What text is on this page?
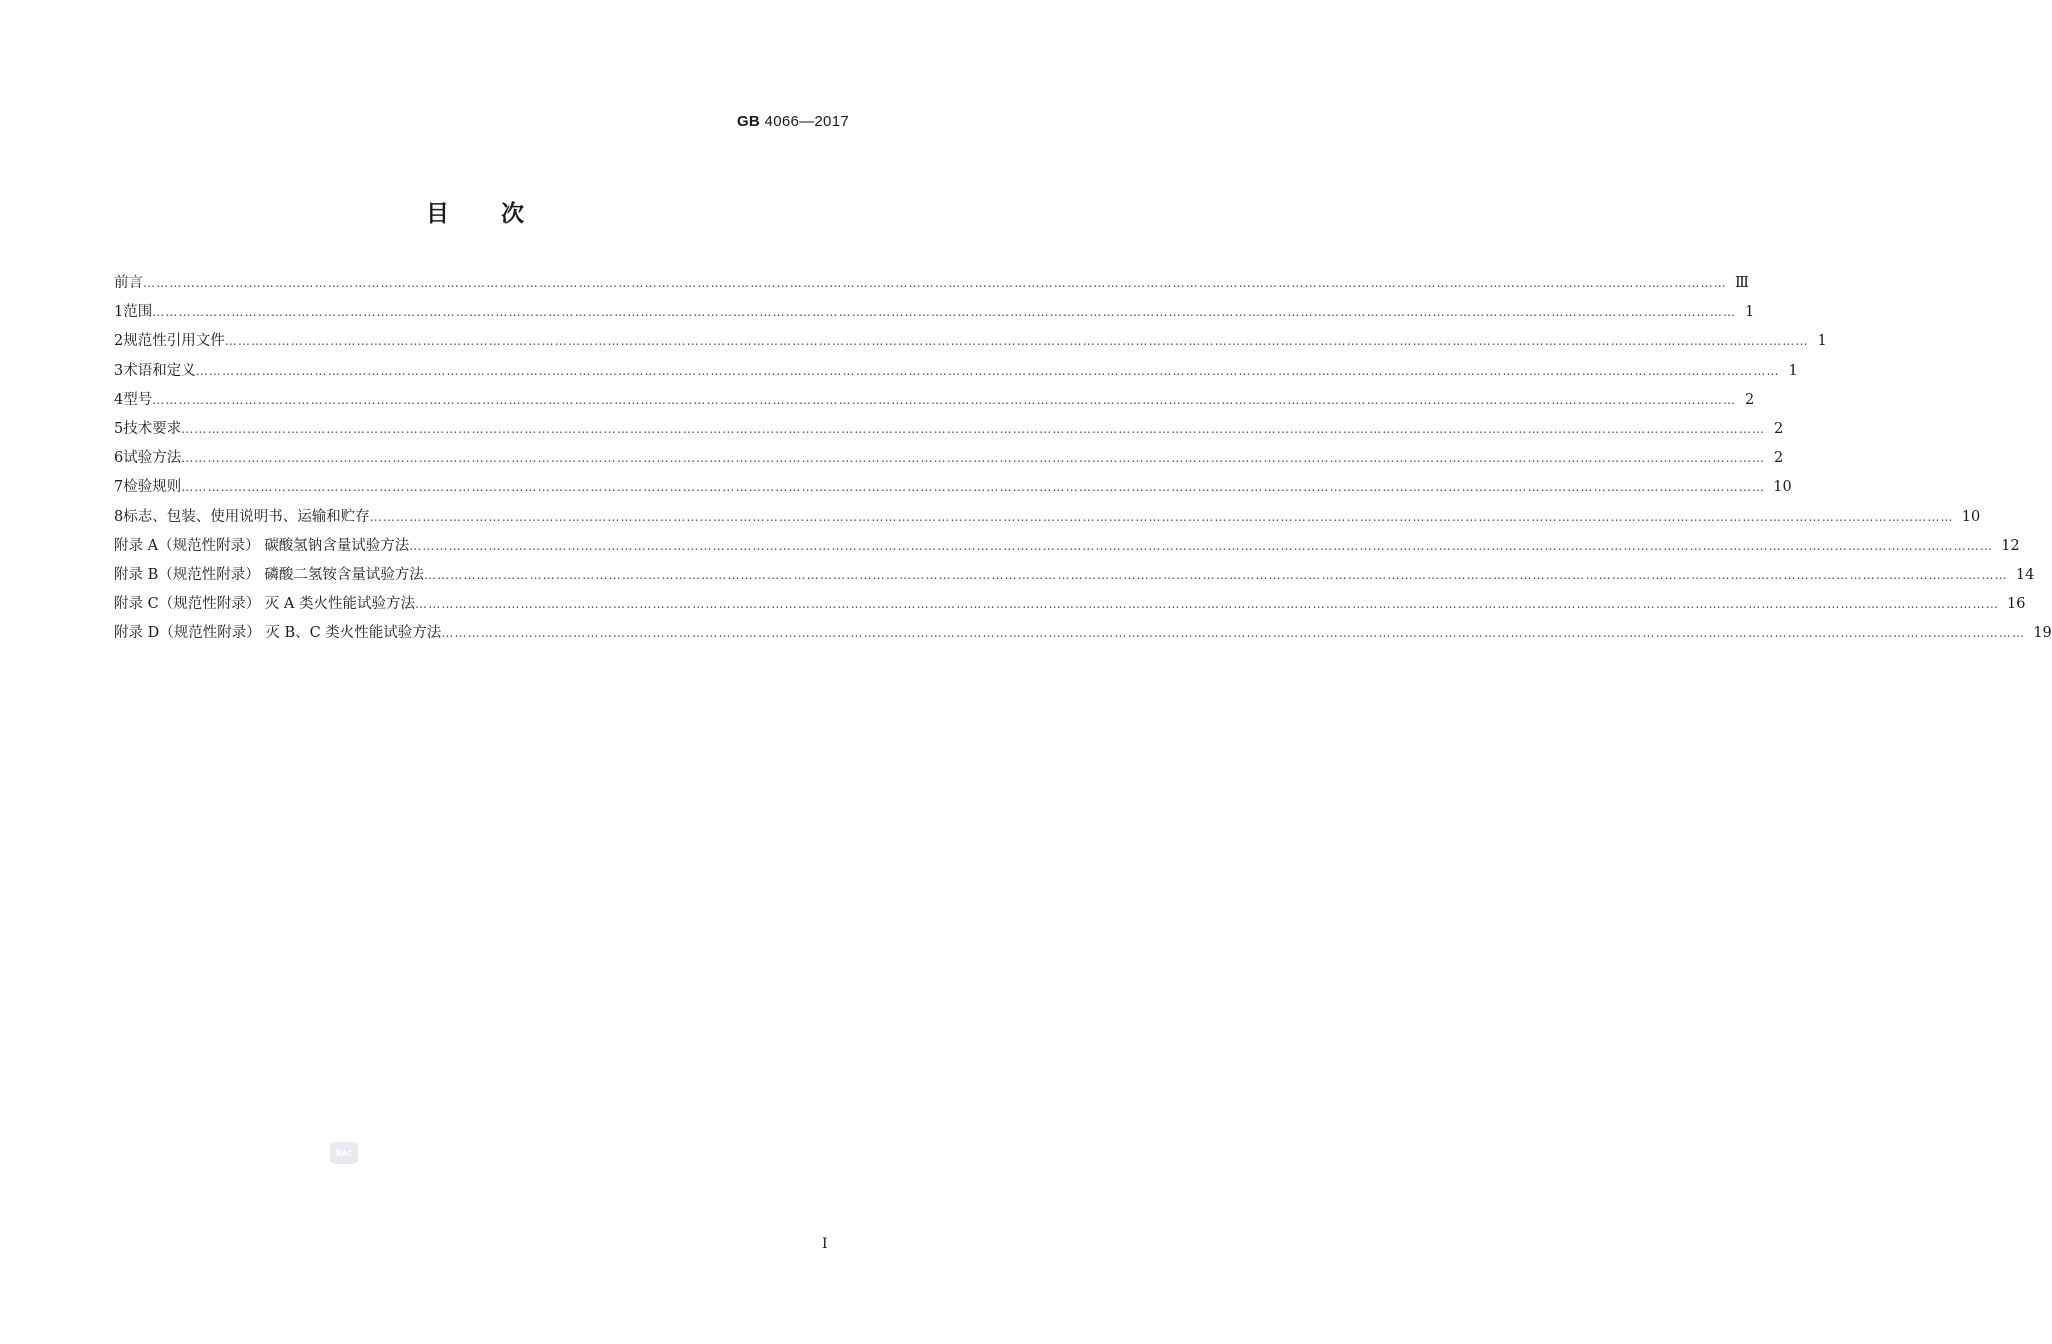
GB 4066—2017
目 次
前言 ……………………………………………………………………………………………………………………………………………………………………………………………………………………………………………………………………………………………………………………………… Ⅲ
1 范围 ……………………………………………………………………………………………………………………………………………………………………………………………………………………………………………………………………………………………………………………………… 1
2 规范性引用文件 ……………………………………………………………………………………………………………………………………………………………………………………………………………………………………………………………………………………………………………………………… 1
3 术语和定义 ……………………………………………………………………………………………………………………………………………………………………………………………………………………………………………………………………………………………………………………………… 1
4 型号 ……………………………………………………………………………………………………………………………………………………………………………………………………………………………………………………………………………………………………………………………… 2
5 技术要求 ……………………………………………………………………………………………………………………………………………………………………………………………………………………………………………………………………………………………………………………………… 2
6 试验方法 ……………………………………………………………………………………………………………………………………………………………………………………………………………………………………………………………………………………………………………………………… 2
7 检验规则 ……………………………………………………………………………………………………………………………………………………………………………………………………………………………………………………………………………………………………………………………… 10
8 标志、包装、使用说明书、运输和贮存 ……………………………………………………………………………………………………………………………………………………………………………………………………………………………………………………………………………………………………………………………… 10
附录 A（规范性附录） 碳酸氢钠含量试验方法 ……………………………………………………………………………………………………………………………………………………………………………………………………………………………………………………………………………………………………………………………… 12
附录 B（规范性附录） 磷酸二氢铵含量试验方法 ……………………………………………………………………………………………………………………………………………………………………………………………………………………………………………………………………………………………………………………………… 14
附录 C（规范性附录） 灭 A 类火性能试验方法 ……………………………………………………………………………………………………………………………………………………………………………………………………………………………………………………………………………………………………………………………… 16
附录 D（规范性附录） 灭 B、C 类火性能试验方法 ……………………………………………………………………………………………………………………………………………………………………………………………………………………………………………………………………………………………………………………………… 19
SAC
I
